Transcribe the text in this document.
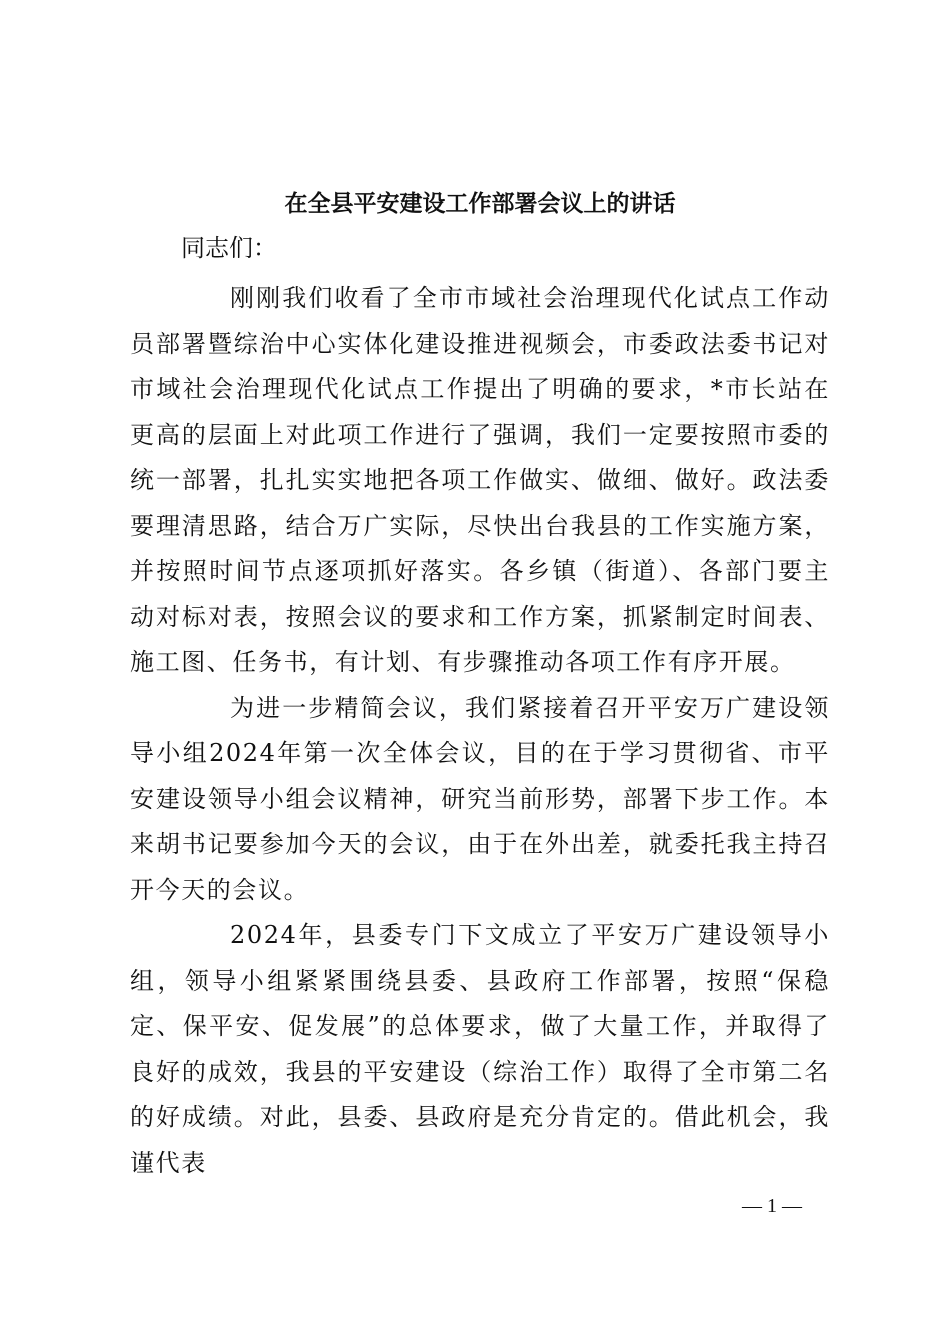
在全县平安建设工作部署会议上的讲话
同志们：

刚刚我们收看了全市市域社会治理现代化试点工作动员部署暨综治中心实体化建设推进视频会，市委政法委书记对市域社会治理现代化试点工作提出了明确的要求，*市长站在更高的层面上对此项工作进行了强调，我们一定要按照市委的统一部署，扎扎实实地把各项工作做实、做细、做好。政法委要理清思路，结合万广实际，尽快出台我县的工作实施方案，并按照时间节点逐项抓好落实。各乡镇（街道）、各部门要主动对标对表，按照会议的要求和工作方案，抓紧制定时间表、施工图、任务书，有计划、有步骤推动各项工作有序开展。

为进一步精简会议，我们紧接着召开平安万广建设领导小组2024年第一次全体会议，目的在于学习贯彻省、市平安建设领导小组会议精神，研究当前形势，部署下步工作。本来胡书记要参加今天的会议，由于在外出差，就委托我主持召开今天的会议。

2024年，县委专门下文成立了平安万广建设领导小组，领导小组紧紧围绕县委、县政府工作部署，按照“保稳定、保平安、促发展”的总体要求，做了大量工作，并取得了良好的成效，我县的平安建设（综治工作）取得了全市第二名的好成绩。对此，县委、县政府是充分肯定的。借此机会，我谨代表

— 1 —
